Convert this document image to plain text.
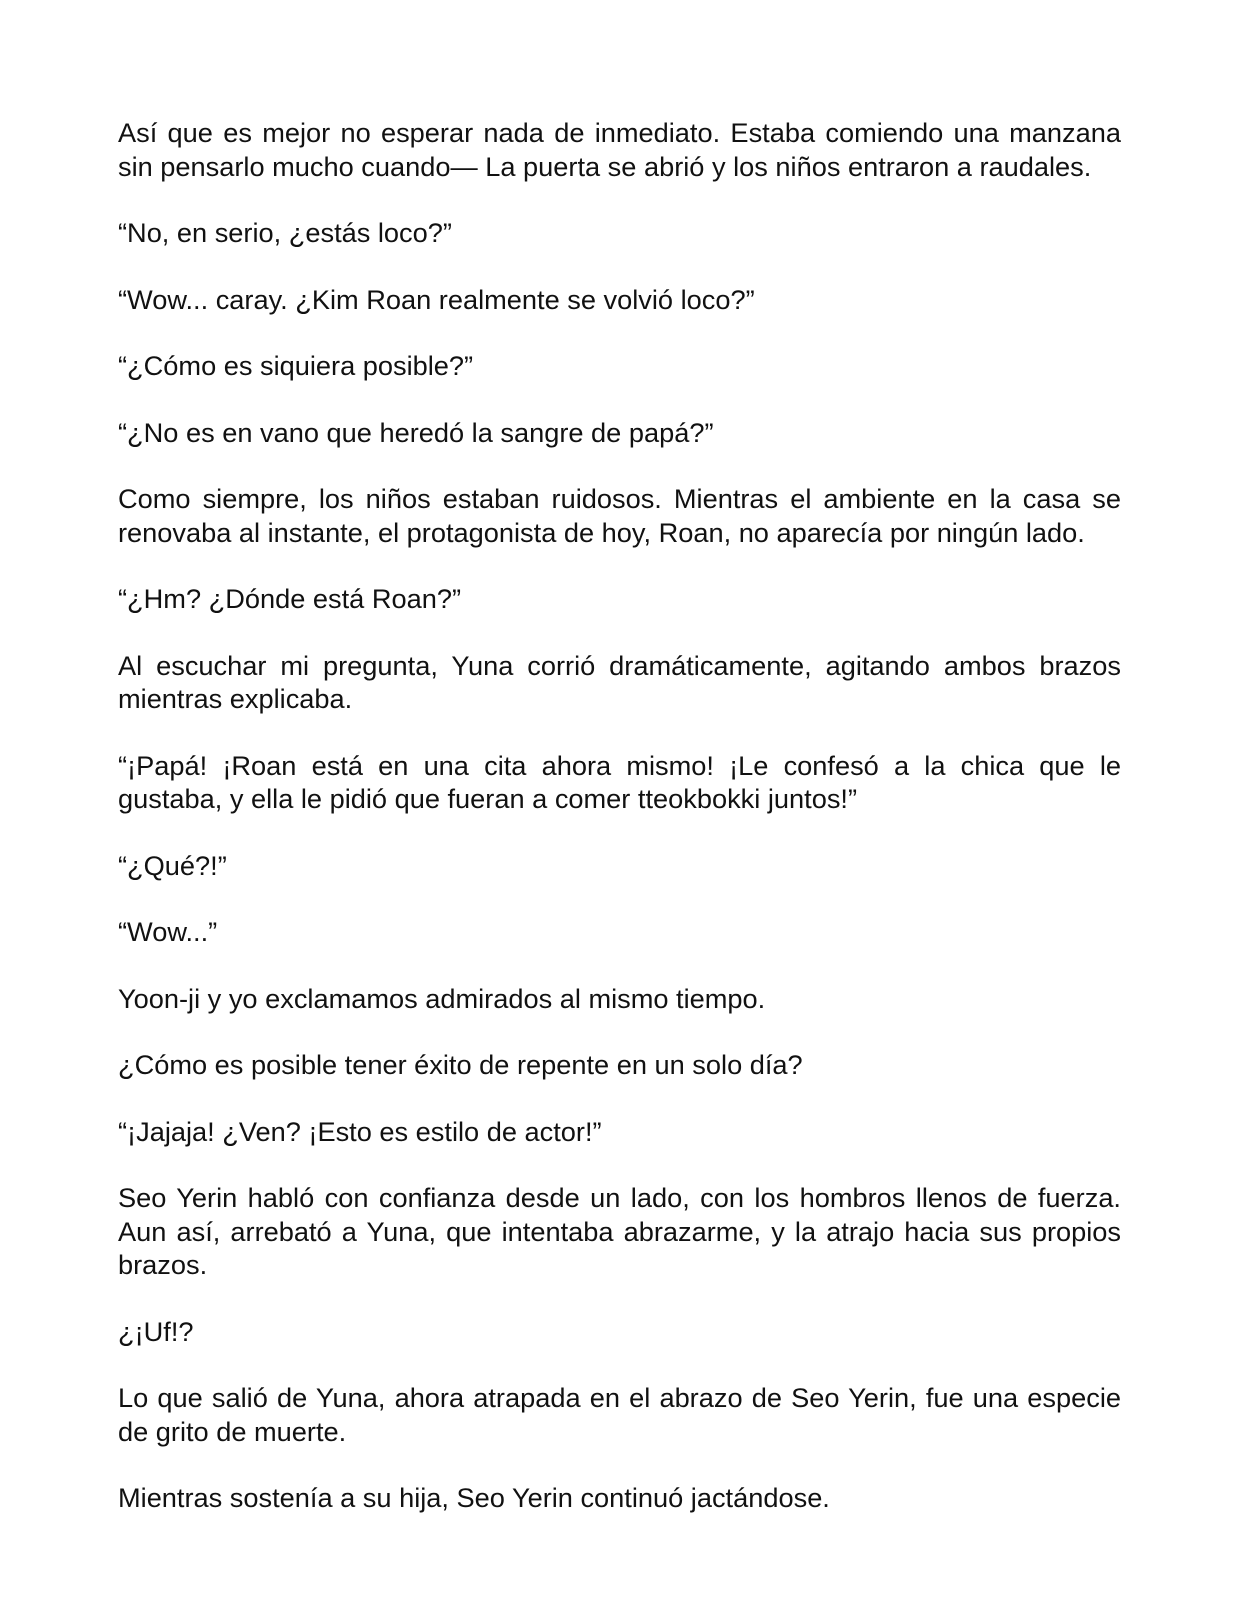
Así que es mejor no esperar nada de inmediato. Estaba comiendo una manzana sin pensarlo mucho cuando— La puerta se abrió y los niños entraron a raudales.

“No, en serio, ¿estás loco?”

“Wow... caray. ¿Kim Roan realmente se volvió loco?”

“¿Cómo es siquiera posible?”

“¿No es en vano que heredó la sangre de papá?”

Como siempre, los niños estaban ruidosos. Mientras el ambiente en la casa se renovaba al instante, el protagonista de hoy, Roan, no aparecía por ningún lado.

“¿Hm? ¿Dónde está Roan?”

Al escuchar mi pregunta, Yuna corrió dramáticamente, agitando ambos brazos mientras explicaba.

“¡Papá! ¡Roan está en una cita ahora mismo! ¡Le confesó a la chica que le gustaba, y ella le pidió que fueran a comer tteokbokki juntos!”

“¿Qué?!”

“Wow...”

Yoon-ji y yo exclamamos admirados al mismo tiempo.

¿Cómo es posible tener éxito de repente en un solo día?

“¡Jajaja! ¿Ven? ¡Esto es estilo de actor!”

Seo Yerin habló con confianza desde un lado, con los hombros llenos de fuerza. Aun así, arrebató a Yuna, que intentaba abrazarme, y la atrajo hacia sus propios brazos.

¿¡Uf!?

Lo que salió de Yuna, ahora atrapada en el abrazo de Seo Yerin, fue una especie de grito de muerte.

Mientras sostenía a su hija, Seo Yerin continuó jactándose.
